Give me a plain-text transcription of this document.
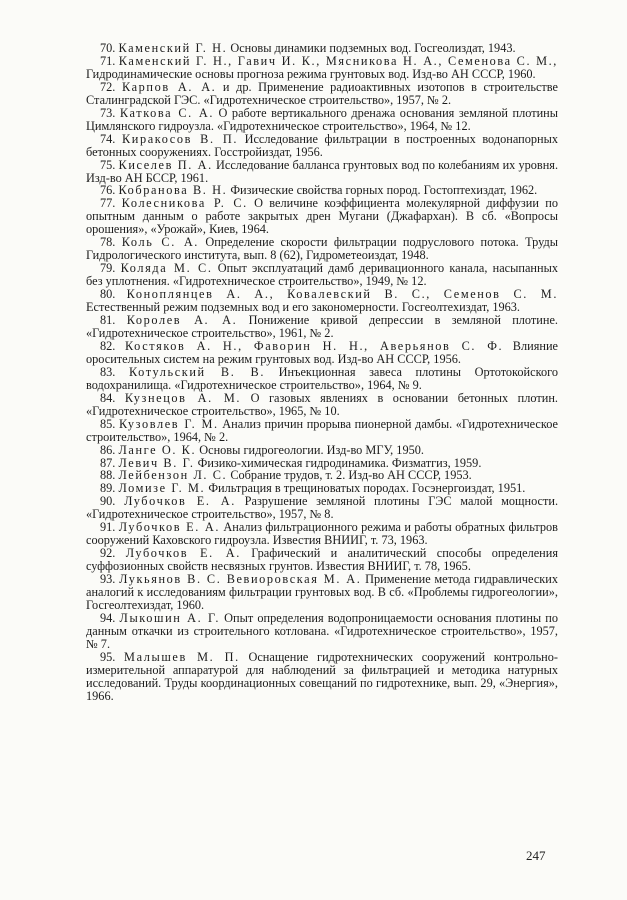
70. Каменский Г. Н. Основы динамики подземных вод. Госгеолиздат, 1943.

71. Каменский Г. Н., Гавич И. К., Мясникова Н. А., Семенова С. М., Гидродинамические основы прогноза режима грунтовых вод. Изд-во АН СССР, 1960.

72. Карпов А. А. и др. Применение радиоактивных изотопов в строительстве Сталинградской ГЭС. «Гидротехническое строительство», 1957, № 2.

73. Каткова С. А. О работе вертикального дренажа основания земляной плотины Цимлянского гидроузла. «Гидротехническое строительство», 1964, № 12.

74. Киракосов В. П. Исследование фильтрации в построенных водонапорных бетонных сооружениях. Госстройиздат, 1956.

75. Киселев П. А. Исследование балланса грунтовых вод по колебаниям их уровня. Изд-во АН БССР, 1961.

76. Кобранова В. Н. Физические свойства горных пород. Гостоптехиздат, 1962.

77. Колесникова Р. С. О величине коэффициента молекулярной диффузии по опытным данным о работе закрытых дрен Мугани (Джафархан). В сб. «Вопросы орошения», «Урожай», Киев, 1964.

78. Коль С. А. Определение скорости фильтрации подруслового потока. Труды Гидрологического института, вып. 8 (62), Гидрометеоиздат, 1948.

79. Коляда М. С. Опыт эксплуатаций дамб деривационного канала, насыпанных без уплотнения. «Гидротехническое строительство», 1949, № 12.

80. Коноплянцев А. А., Ковалевский В. С., Семенов С. М. Естественный режим подземных вод и его закономерности. Госгеолтехиздат, 1963.

81. Королев А. А. Понижение кривой депрессии в земляной плотине. «Гидротехническое строительство», 1961, № 2.

82. Костяков А. Н., Фаворин Н. Н., Аверьянов С. Ф. Влияние оросительных систем на режим грунтовых вод. Изд-во АН СССР, 1956.

83. Котульский В. В. Инъекционная завеса плотины Ортотокойского водохранилища. «Гидротехническое строительство», 1964, № 9.

84. Кузнецов А. М. О газовых явлениях в основании бетонных плотин. «Гидротехническое строительство», 1965, № 10.

85. Кузовлев Г. М. Анализ причин прорыва пионерной дамбы. «Гидротехническое строительство», 1964, № 2.

86. Ланге О. К. Основы гидрогеологии. Изд-во МГУ, 1950.

87. Левич В. Г. Физико-химическая гидродинамика. Физматгиз, 1959.

88. Лейбензон Л. С. Собрание трудов, т. 2. Изд-во АН СССР, 1953.

89. Ломизе Г. М. Фильтрация в трещиноватых породах. Госэнергоиздат, 1951.

90. Лубочков Е. А. Разрушение земляной плотины ГЭС малой мощности. «Гидротехническое строительство», 1957, № 8.

91. Лубочков Е. А. Анализ фильтрационного режима и работы обратных фильтров сооружений Каховского гидроузла. Известия ВНИИГ, т. 73, 1963.

92. Лубочков Е. А. Графический и аналитический способы определения суффозионных свойств несвязных грунтов. Известия ВНИИГ, т. 78, 1965.

93. Лукьянов В. С. Вевиоровская М. А. Применение метода гидравлических аналогий к исследованиям фильтрации грунтовых вод. В сб. «Проблемы гидрогеологии», Госгеолтехиздат, 1960.

94. Лыкошин А. Г. Опыт определения водопроницаемости основания плотины по данным откачки из строительного котлована. «Гидротехническое строительство», 1957, № 7.

95. Малышев М. П. Оснащение гидротехнических сооружений контрольно-измерительной аппаратурой для наблюдений за фильтрацией и методика натурных исследований. Труды координационных совещаний по гидротехнике, вып. 29, «Энергия», 1966.

247
